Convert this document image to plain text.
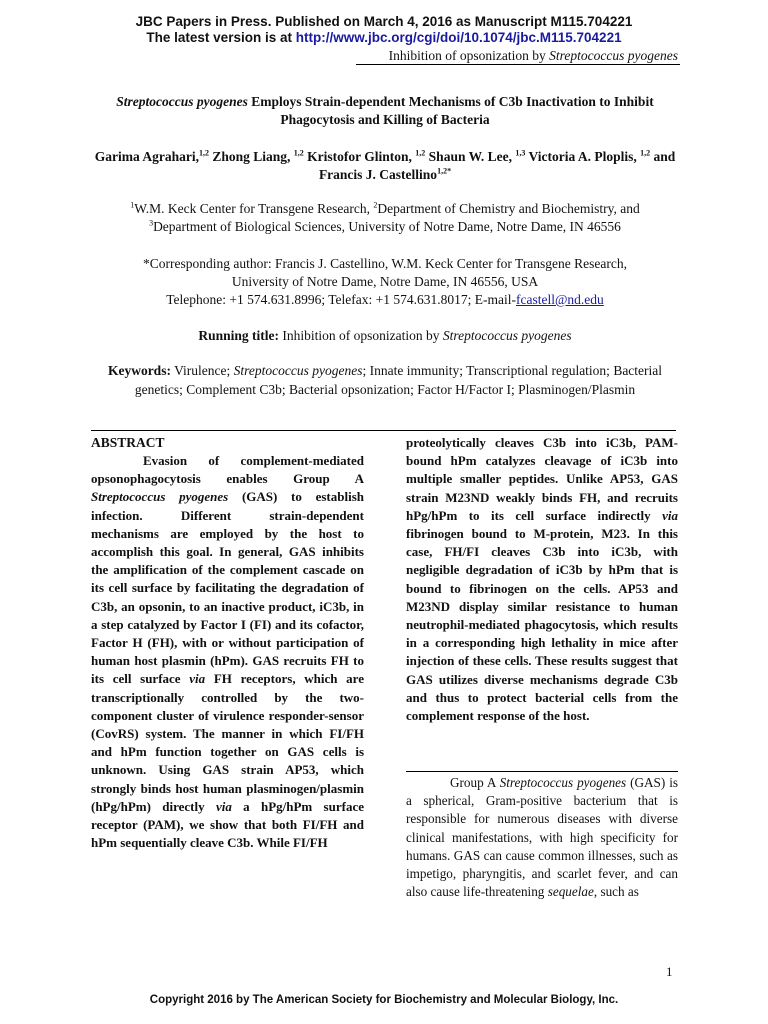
JBC Papers in Press. Published on March 4, 2016 as Manuscript M115.704221
The latest version is at http://www.jbc.org/cgi/doi/10.1074/jbc.M115.704221
Inhibition of opsonization by Streptococcus pyogenes
Streptococcus pyogenes Employs Strain-dependent Mechanisms of C3b Inactivation to Inhibit Phagocytosis and Killing of Bacteria
Garima Agrahari,$^{1,2}$ Zhong Liang, $^{1,2}$ Kristofor Glinton, $^{1,2}$ Shaun W. Lee, $^{1,3}$ Victoria A. Ploplis, $^{1,2}$ and Francis J. Castellino$^{1,2*}$
$^1$W.M. Keck Center for Transgene Research, $^2$Department of Chemistry and Biochemistry, and
$^3$Department of Biological Sciences, University of Notre Dame, Notre Dame, IN 46556
*Corresponding author: Francis J. Castellino, W.M. Keck Center for Transgene Research,
University of Notre Dame, Notre Dame, IN 46556, USA
Telephone: +1 574.631.8996; Telefax: +1 574.631.8017; E-mail-fcastell@nd.edu
Running title: Inhibition of opsonization by Streptococcus pyogenes
Keywords: Virulence; Streptococcus pyogenes; Innate immunity; Transcriptional regulation; Bacterial genetics; Complement C3b; Bacterial opsonization; Factor H/Factor I; Plasminogen/Plasmin
ABSTRACT
Evasion of complement-mediated opsonophagocytosis enables Group A Streptococcus pyogenes (GAS) to establish infection. Different strain-dependent mechanisms are employed by the host to accomplish this goal. In general, GAS inhibits the amplification of the complement cascade on its cell surface by facilitating the degradation of C3b, an opsonin, to an inactive product, iC3b, in a step catalyzed by Factor I (FI) and its cofactor, Factor H (FH), with or without participation of human host plasmin (hPm). GAS recruits FH to its cell surface via FH receptors, which are transcriptionally controlled by the two-component cluster of virulence responder-sensor (CovRS) system. The manner in which FI/FH and hPm function together on GAS cells is unknown. Using GAS strain AP53, which strongly binds host human plasminogen/plasmin (hPg/hPm) directly via a hPg/hPm surface receptor (PAM), we show that both FI/FH and hPm sequentially cleave C3b. While FI/FH
proteolytically cleaves C3b into iC3b, PAM-bound hPm catalyzes cleavage of iC3b into multiple smaller peptides. Unlike AP53, GAS strain M23ND weakly binds FH, and recruits hPg/hPm to its cell surface indirectly via fibrinogen bound to M-protein, M23. In this case, FH/FI cleaves C3b into iC3b, with negligible degradation of iC3b by hPm that is bound to fibrinogen on the cells. AP53 and M23ND display similar resistance to human neutrophil-mediated phagocytosis, which results in a corresponding high lethality in mice after injection of these cells. These results suggest that GAS utilizes diverse mechanisms degrade C3b and thus to protect bacterial cells from the complement response of the host.
Group A Streptococcus pyogenes (GAS) is a spherical, Gram-positive bacterium that is responsible for numerous diseases with diverse clinical manifestations, with high specificity for humans. GAS can cause common illnesses, such as impetigo, pharyngitis, and scarlet fever, and can also cause life-threatening sequelae, such as
1
Copyright 2016 by The American Society for Biochemistry and Molecular Biology, Inc.
